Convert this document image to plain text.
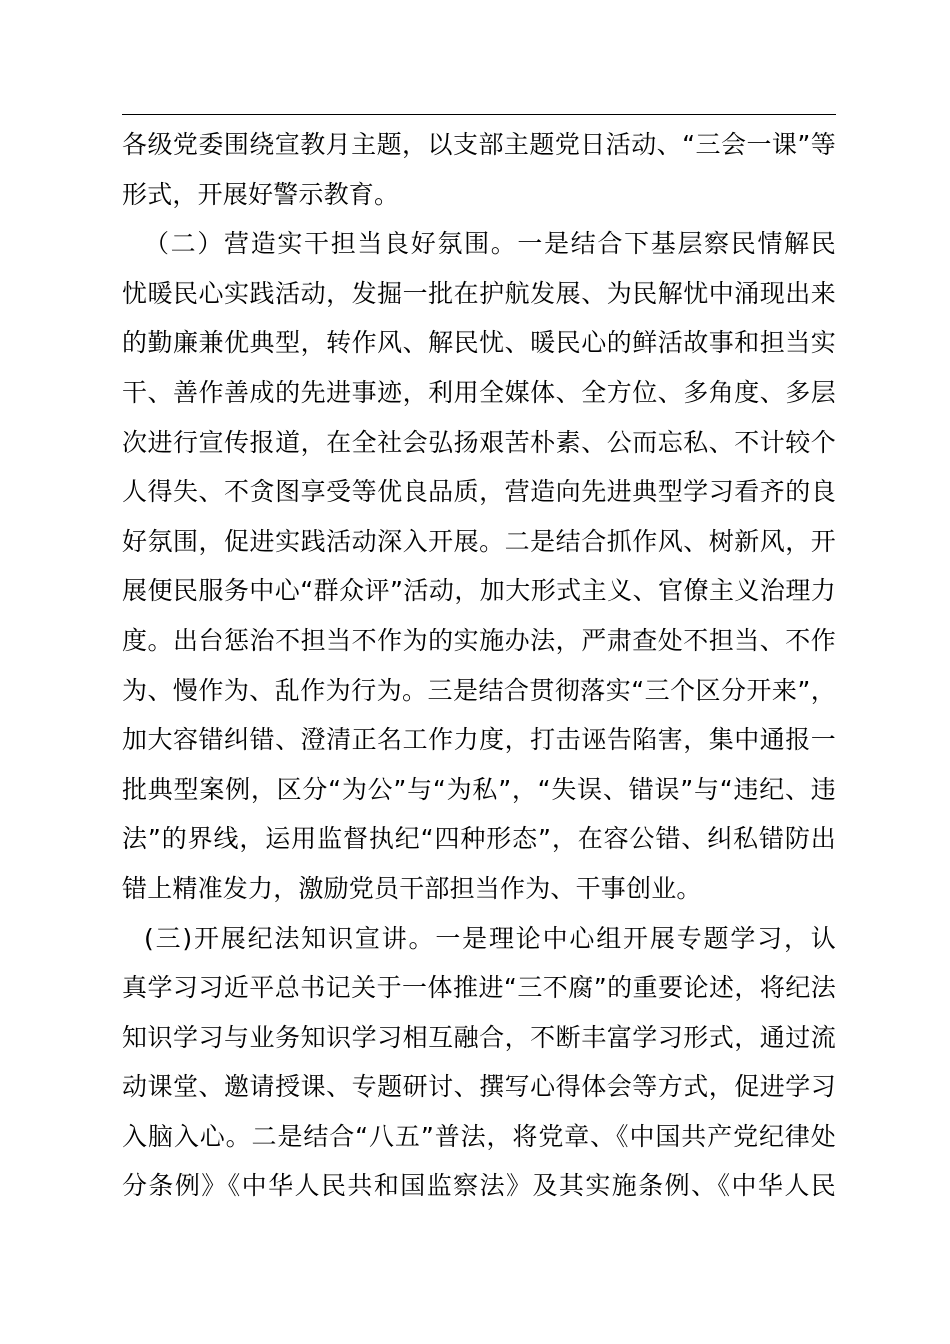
各级党委围绕宣教月主题，以支部主题党日活动、“三会一课”等
形式，开展好警示教育。
（二）营造实干担当良好氛围。一是结合下基层察民情解民
忧暖民心实践活动，发掘一批在护航发展、为民解忧中涌现出来
的勤廉兼优典型，转作风、解民忧、暖民心的鲜活故事和担当实
干、善作善成的先进事迹，利用全媒体、全方位、多角度、多层
次进行宣传报道，在全社会弘扬艰苦朴素、公而忘私、不计较个
人得失、不贪图享受等优良品质，营造向先进典型学习看齐的良
好氛围，促进实践活动深入开展。二是结合抓作风、树新风，开
展便民服务中心“群众评”活动，加大形式主义、官僚主义治理力
度。出台惩治不担当不作为的实施办法，严肃查处不担当、不作
为、慢作为、乱作为行为。三是结合贯彻落实“三个区分开来”，
加大容错纠错、澄清正名工作力度，打击诬告陷害，集中通报一
批典型案例，区分“为公”与“为私”，“失误、错误”与“违纪、违
法”的界线，运用监督执纪“四种形态”，在容公错、纠私错防出
错上精准发力，激励党员干部担当作为、干事创业。
(三)开展纪法知识宣讲。一是理论中心组开展专题学习，认
真学习习近平总书记关于一体推进“三不腐”的重要论述，将纪法
知识学习与业务知识学习相互融合，不断丰富学习形式，通过流
动课堂、邀请授课、专题研讨、撰写心得体会等方式，促进学习
入脑入心。二是结合“八五”普法，将党章、《中国共产党纪律处
分条例》《中华人民共和国监察法》及其实施条例、《中华人民
